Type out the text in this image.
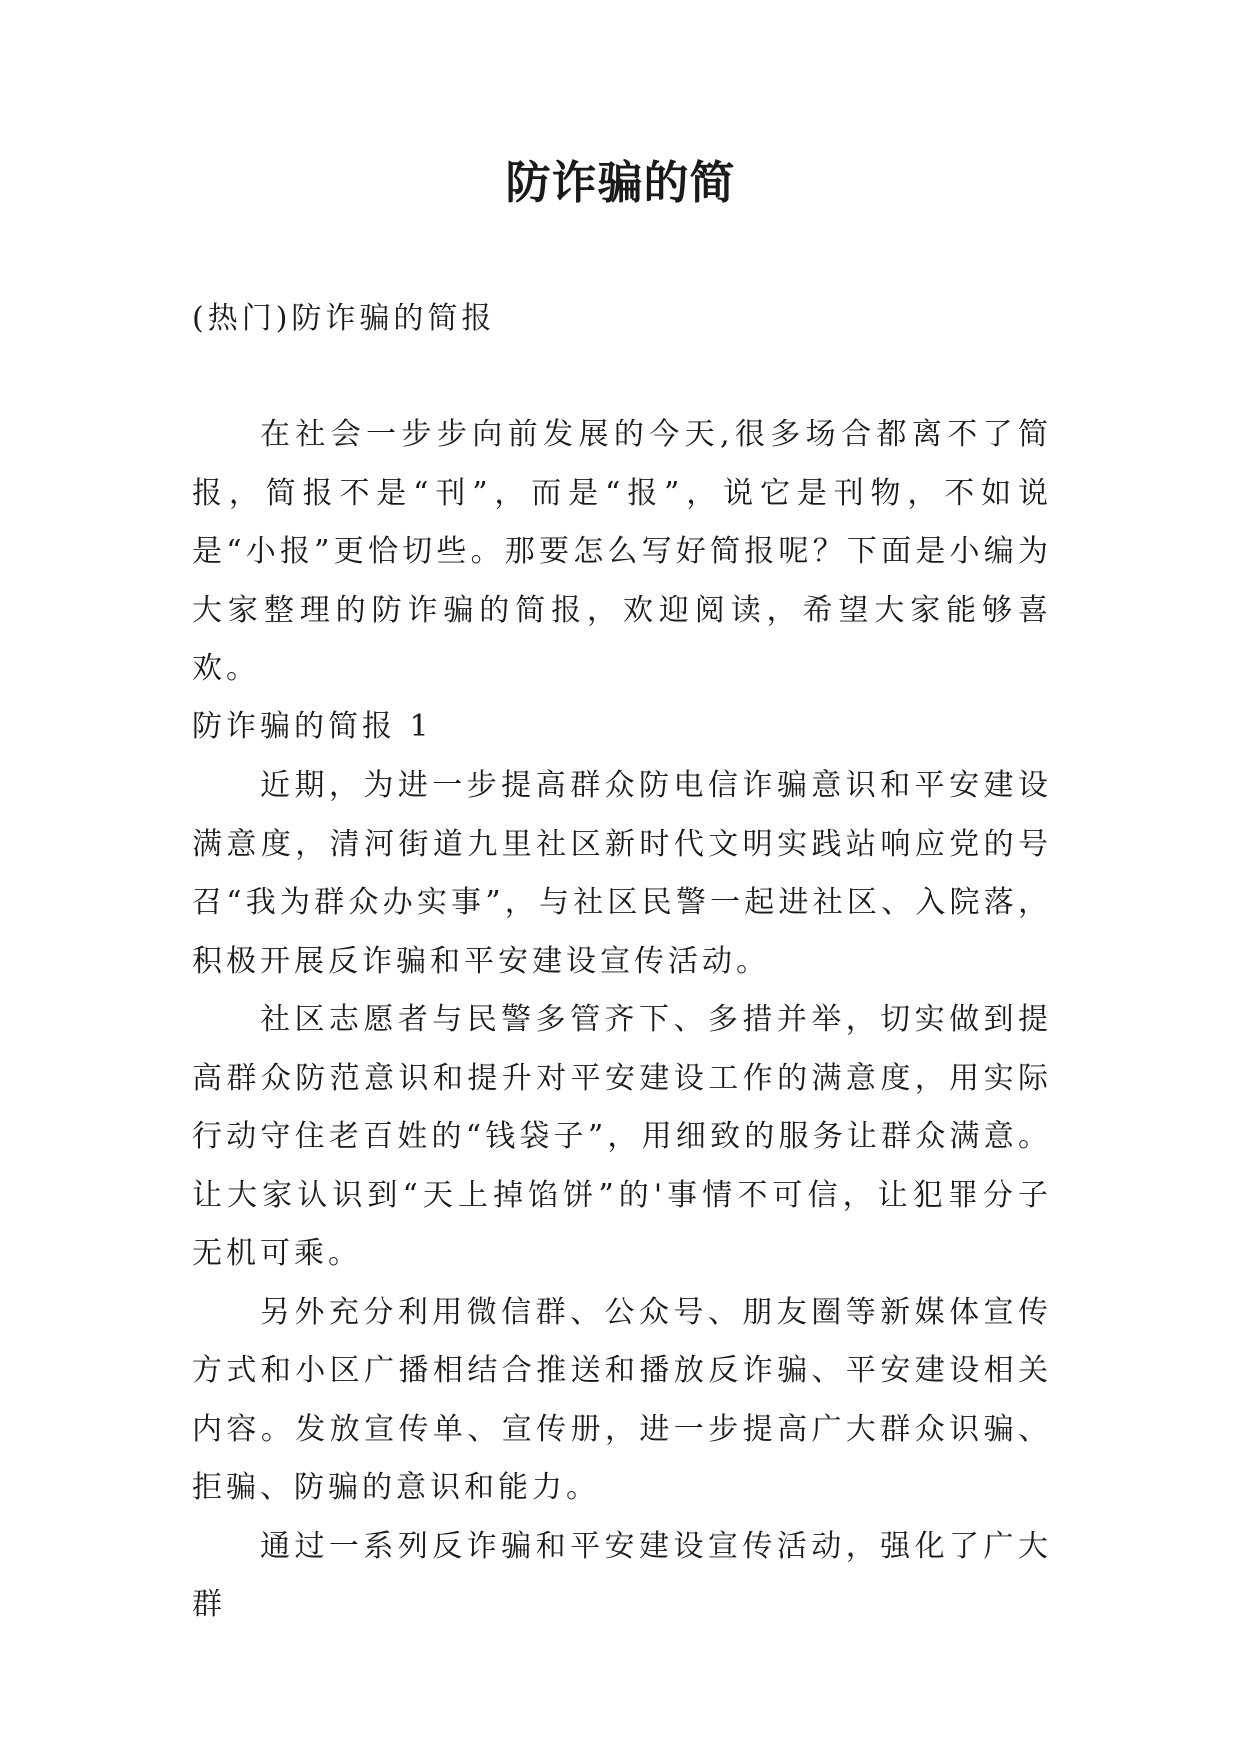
防诈骗的简
(热门)防诈骗的简报

在社会一步步向前发展的今天,很多场合都离不了简报，简报不是“刊”，而是“报”，说它是刊物，不如说是“小报”更恰切些。那要怎么写好简报呢？下面是小编为大家整理的防诈骗的简报，欢迎阅读，希望大家能够喜欢。

防诈骗的简报 1

近期，为进一步提高群众防电信诈骗意识和平安建设满意度，清河街道九里社区新时代文明实践站响应党的号召“我为群众办实事”，与社区民警一起进社区、入院落，积极开展反诈骗和平安建设宣传活动。

社区志愿者与民警多管齐下、多措并举，切实做到提高群众防范意识和提升对平安建设工作的满意度，用实际行动守住老百姓的“钱袋子”，用细致的服务让群众满意。让大家认识到“天上掉馅饼”的'事情不可信，让犯罪分子无机可乘。

另外充分利用微信群、公众号、朋友圈等新媒体宣传方式和小区广播相结合推送和播放反诈骗、平安建设相关内容。发放宣传单、宣传册，进一步提高广大群众识骗、拒骗、防骗的意识和能力。

通过一系列反诈骗和平安建设宣传活动，强化了广大群
